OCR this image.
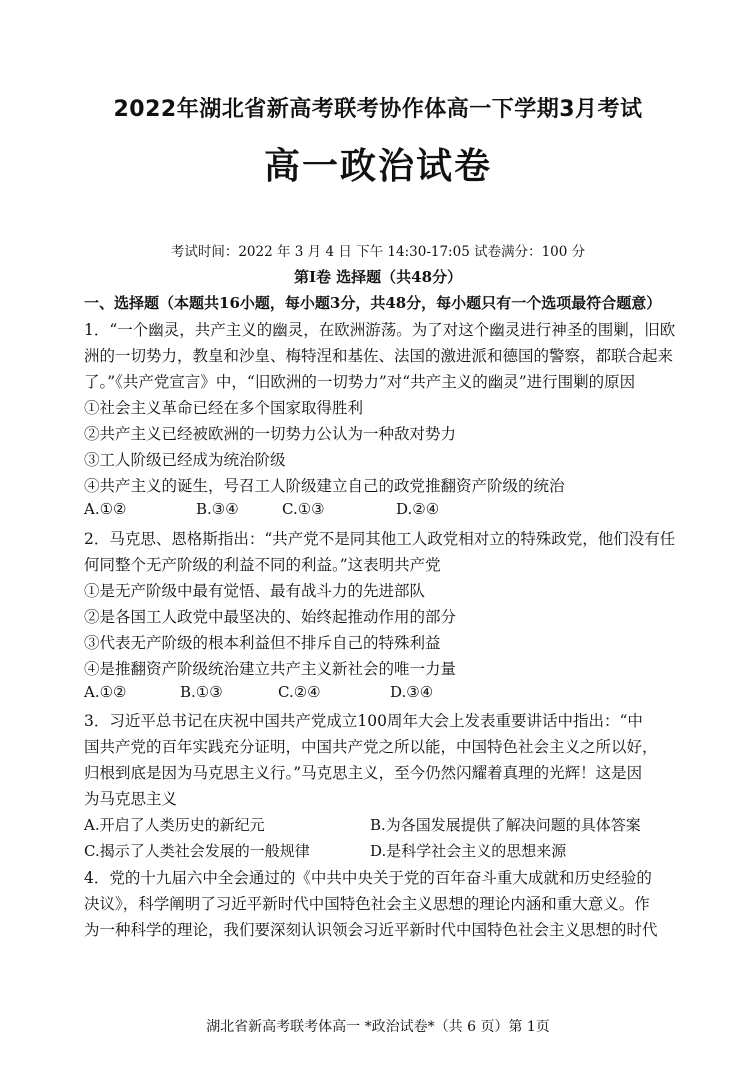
2022年湖北省新高考联考协作体高一下学期3月考试
高一政治试卷
考试时间：2022 年 3 月 4 日 下午 14:30-17:05 试卷满分：100 分
第Ⅰ卷 选择题（共48分）
一、选择题（本题共16小题，每小题3分，共48分，每小题只有一个选项最符合题意）
1．“一个幽灵，共产主义的幽灵，在欧洲游荡。为了对这个幽灵进行神圣的围剿，旧欧
洲的一切势力，教皇和沙皇、梅特涅和基佐、法国的激进派和德国的警察，都联合起来
了。”《共产党宣言》中，“旧欧洲的一切势力”对“共产主义的幽灵”进行围剿的原因
①社会主义革命已经在多个国家取得胜利
②共产主义已经被欧洲的一切势力公认为一种敌对势力
③工人阶级已经成为统治阶级
④共产主义的诞生，号召工人阶级建立自己的政党推翻资产阶级的统治
A.①②	B.③④	C.①③	D.②④
2．马克思、恩格斯指出：“共产党不是同其他工人政党相对立的特殊政党，他们没有任
何同整个无产阶级的利益不同的利益。”这表明共产党
①是无产阶级中最有觉悟、最有战斗力的先进部队
②是各国工人政党中最坚决的、始终起推动作用的部分
③代表无产阶级的根本利益但不排斥自己的特殊利益
④是推翻资产阶级统治建立共产主义新社会的唯一力量
A.①②	B.①③	C.②④	D.③④
3．习近平总书记在庆祝中国共产党成立100周年大会上发表重要讲话中指出：“中
国共产党的百年实践充分证明，中国共产党之所以能，中国特色社会主义之所以好，
归根到底是因为马克思主义行。”马克思主义，至今仍然闪耀着真理的光辉！这是因
为马克思主义
A.开启了人类历史的新纪元	B.为各国发展提供了解决问题的具体答案
C.揭示了人类社会发展的一般规律	D.是科学社会主义的思想来源
4．党的十九届六中全会通过的《中共中央关于党的百年奋斗重大成就和历史经验的
决议》，科学阐明了习近平新时代中国特色社会主义思想的理论内涵和重大意义。作
为一种科学的理论，我们要深刻认识领会习近平新时代中国特色社会主义思想的时代
湖北省新高考联考体高一 *政治试卷*（共 6 页）第 1页
